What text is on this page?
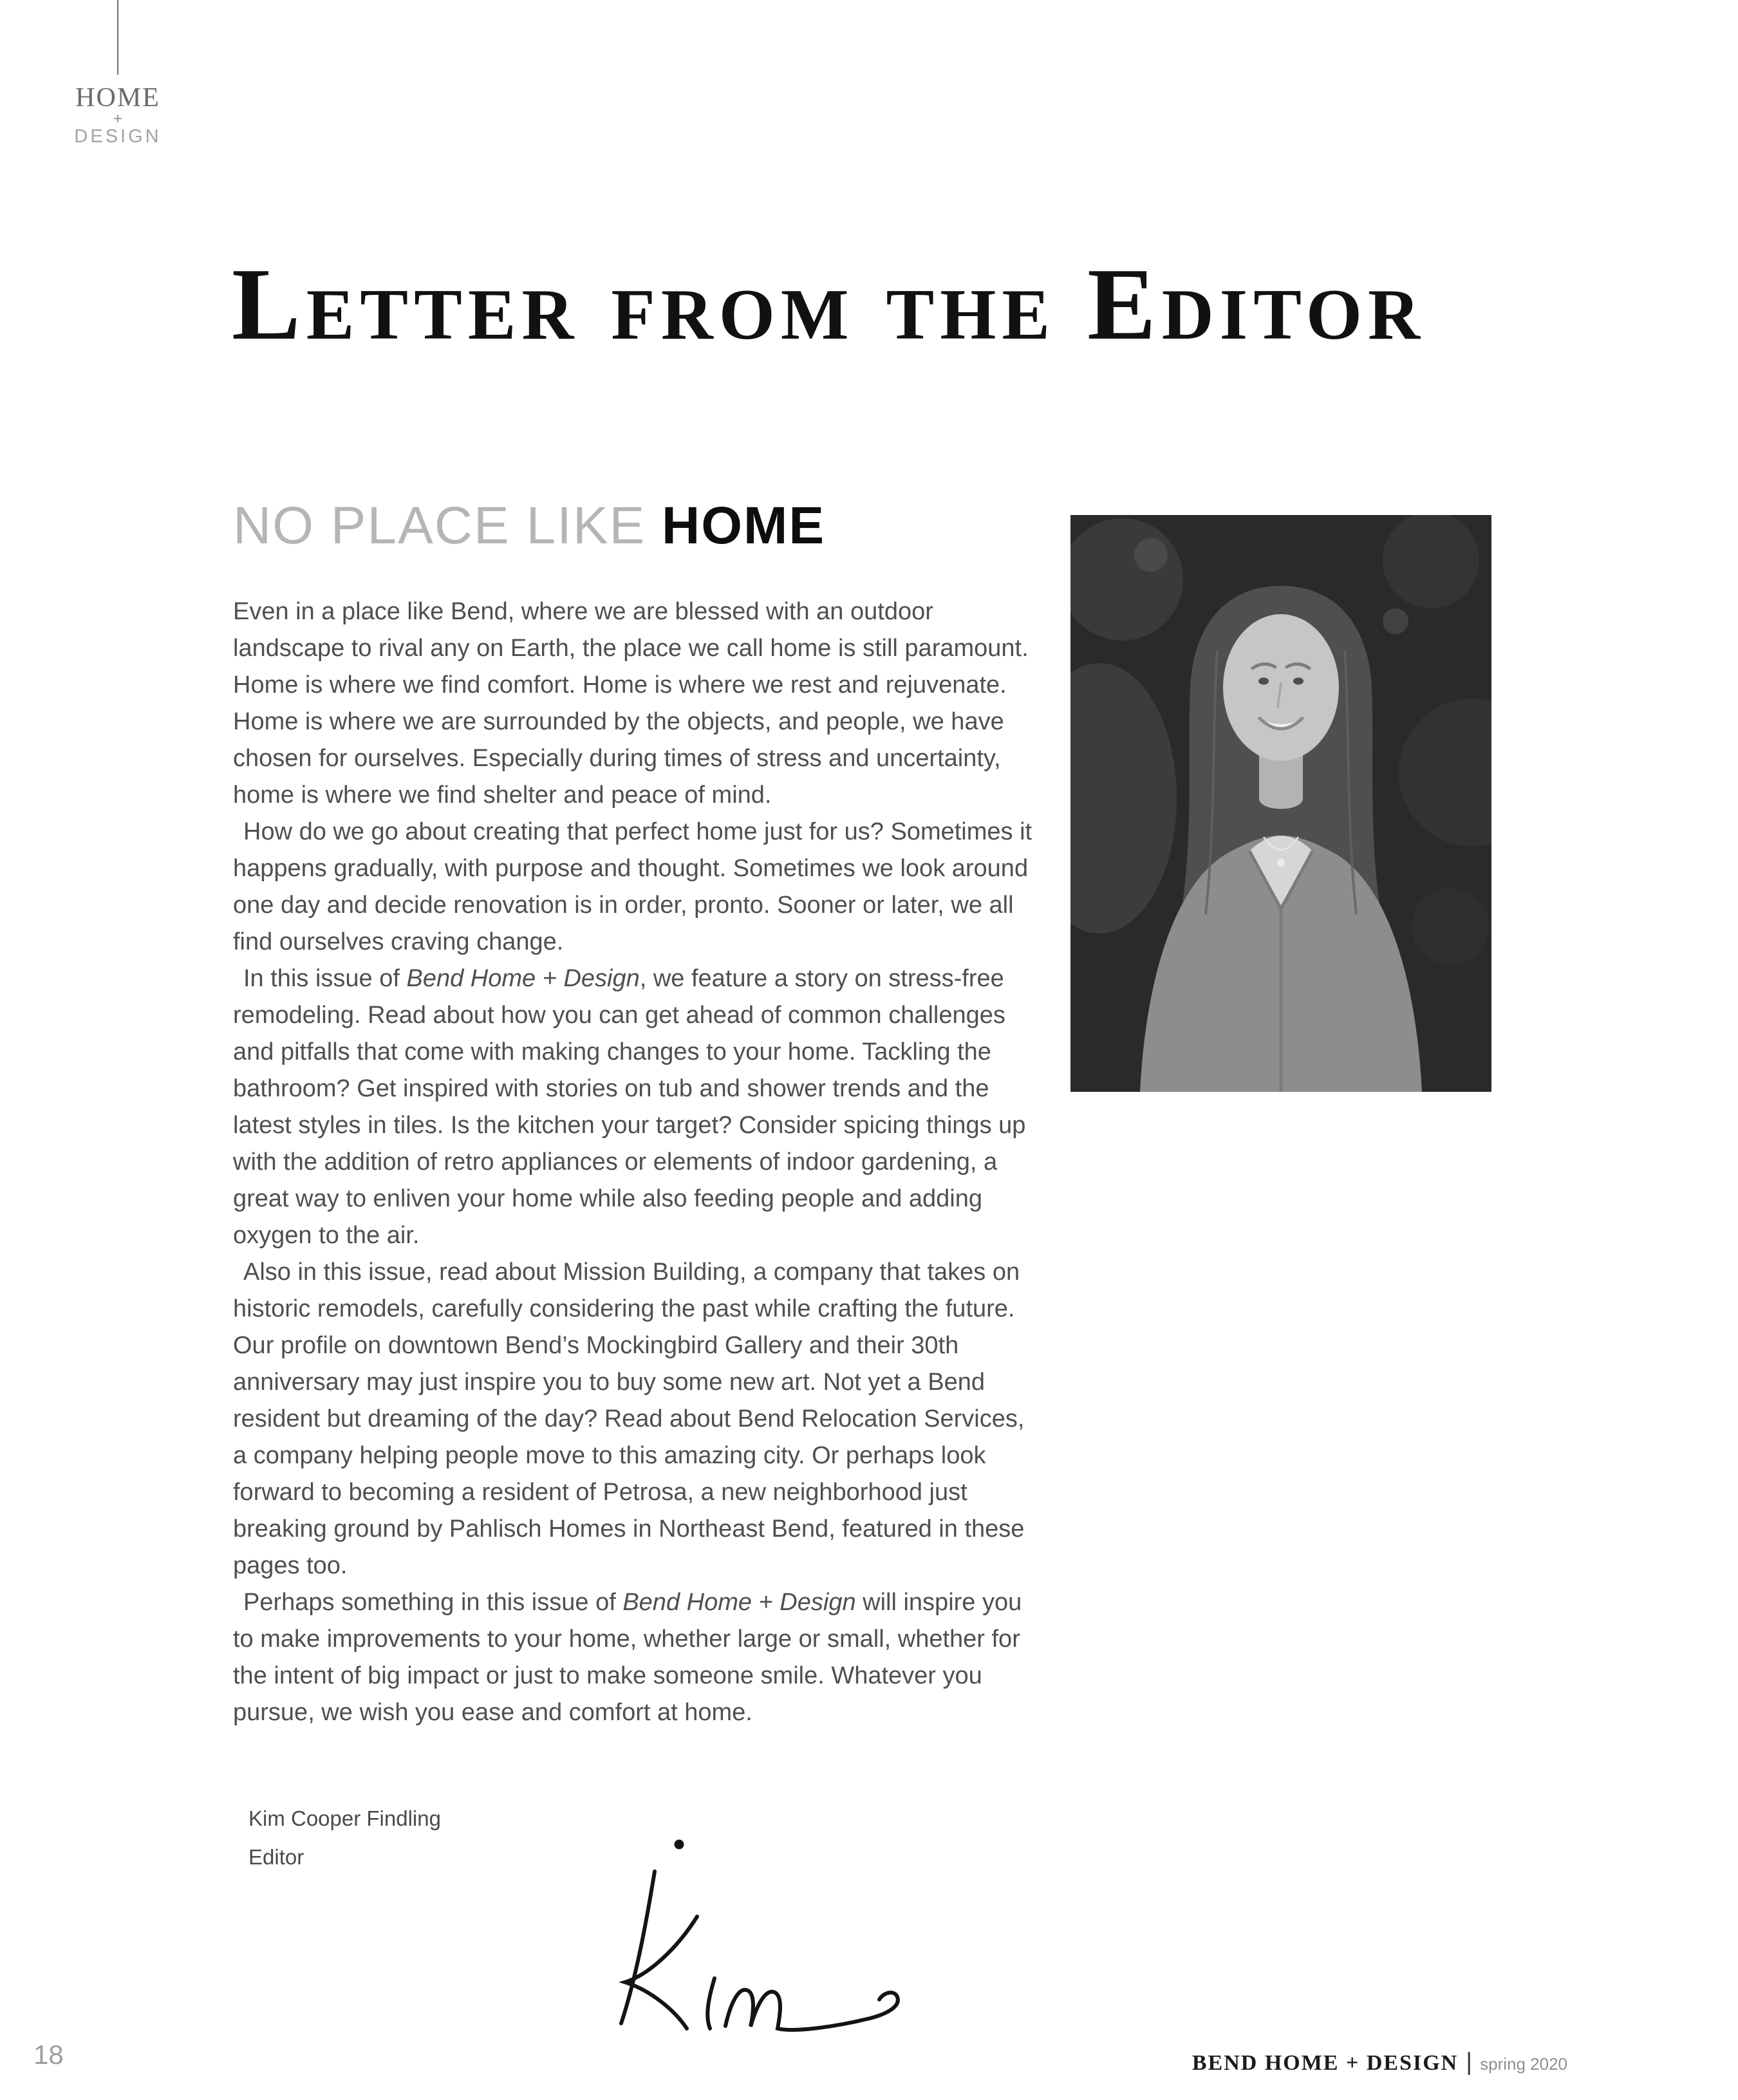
HOME
+
DESIGN
Letter from the Editor
NO PLACE LIKE HOME

Even in a place like Bend, where we are blessed with an outdoor landscape to rival any on Earth, the place we call home is still paramount. Home is where we find comfort. Home is where we rest and rejuvenate. Home is where we are surrounded by the objects, and people, we have chosen for ourselves. Especially during times of stress and uncertainty, home is where we find shelter and peace of mind.

How do we go about creating that perfect home just for us? Sometimes it happens gradually, with purpose and thought. Sometimes we look around one day and decide renovation is in order, pronto. Sooner or later, we all find ourselves craving change.

In this issue of Bend Home + Design, we feature a story on stress-free remodeling. Read about how you can get ahead of common challenges and pitfalls that come with making changes to your home. Tackling the bathroom? Get inspired with stories on tub and shower trends and the latest styles in tiles. Is the kitchen your target? Consider spicing things up with the addition of retro appliances or elements of indoor gardening, a great way to enliven your home while also feeding people and adding oxygen to the air.

Also in this issue, read about Mission Building, a company that takes on historic remodels, carefully considering the past while crafting the future. Our profile on downtown Bend’s Mockingbird Gallery and their 30th anniversary may just inspire you to buy some new art. Not yet a Bend resident but dreaming of the day? Read about Bend Relocation Services, a company helping people move to this amazing city. Or perhaps look forward to becoming a resident of Petrosa, a new neighborhood just breaking ground by Pahlisch Homes in Northeast Bend, featured in these pages too.

Perhaps something in this issue of Bend Home + Design will inspire you to make improvements to your home, whether large or small, whether for the intent of big impact or just to make someone smile. Whatever you pursue, we wish you ease and comfort at home.

Kim Cooper Findling
Editor
18	BEND HOME + DESIGN | spring 2020
